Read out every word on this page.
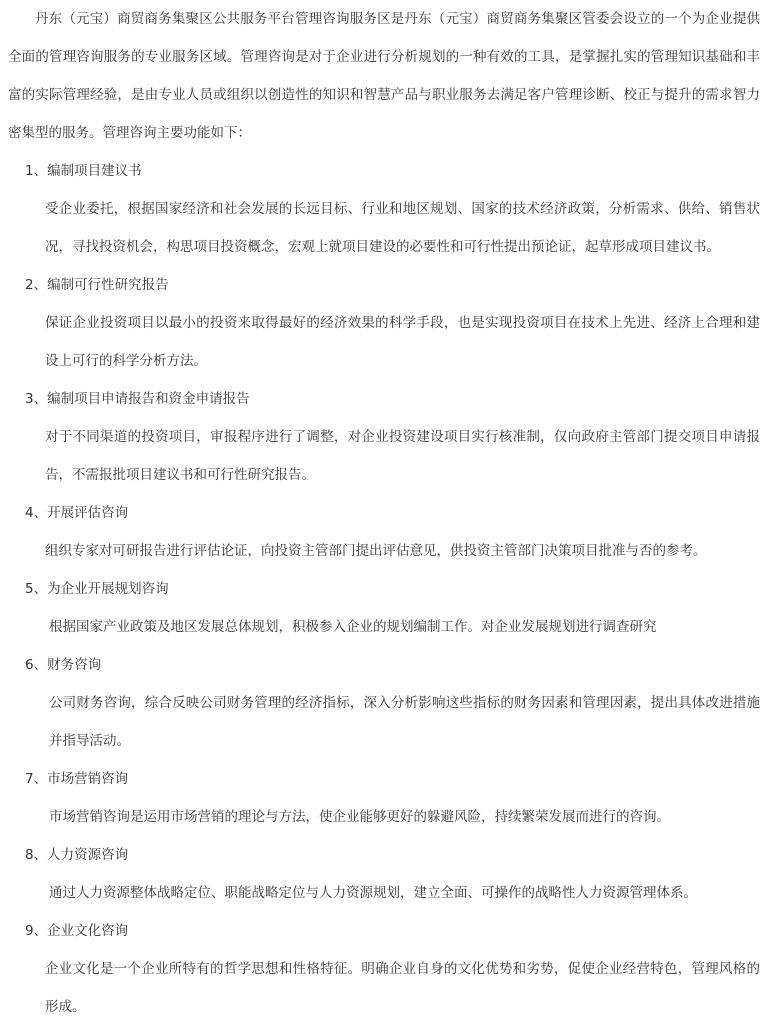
丹东（元宝）商贸商务集聚区公共服务平台管理咨询服务区是丹东（元宝）商贸商务集聚区管委会设立的一个为企业提供全面的管理咨询服务的专业服务区域。管理咨询是对于企业进行分析规划的一种有效的工具，是掌握扎实的管理知识基础和丰富的实际管理经验，是由专业人员或组织以创造性的知识和智慧产品与职业服务去满足客户管理诊断、校正与提升的需求智力密集型的服务。管理咨询主要功能如下：

1、编制项目建议书

受企业委托，根据国家经济和社会发展的长远目标、行业和地区规划、国家的技术经济政策，分析需求、供给、销售状况，寻找投资机会，构思项目投资概念，宏观上就项目建设的必要性和可行性提出预论证，起草形成项目建议书。

2、编制可行性研究报告

保证企业投资项目以最小的投资来取得最好的经济效果的科学手段，也是实现投资项目在技术上先进、经济上合理和建设上可行的科学分析方法。

3、编制项目申请报告和资金申请报告

对于不同渠道的投资项目，审报程序进行了调整，对企业投资建设项目实行核准制，仅向政府主管部门提交项目申请报告，不需报批项目建议书和可行性研究报告。

4、开展评估咨询

组织专家对可研报告进行评估论证，向投资主管部门提出评估意见，供投资主管部门决策项目批准与否的参考。

5、为企业开展规划咨询

根据国家产业政策及地区发展总体规划，积极参入企业的规划编制工作。对企业发展规划进行调查研究

6、财务咨询

公司财务咨询，综合反映公司财务管理的经济指标，深入分析影响这些指标的财务因素和管理因素，提出具体改进措施并指导活动。

7、市场营销咨询

市场营销咨询是运用市场营销的理论与方法，使企业能够更好的躲避风险，持续繁荣发展而进行的咨询。

8、人力资源咨询

通过人力资源整体战略定位、职能战略定位与人力资源规划，建立全面、可操作的战略性人力资源管理体系。

9、企业文化咨询

企业文化是一个企业所特有的哲学思想和性格特征。明确企业自身的文化优势和劣势，促使企业经营特色，管理风格的形成。
